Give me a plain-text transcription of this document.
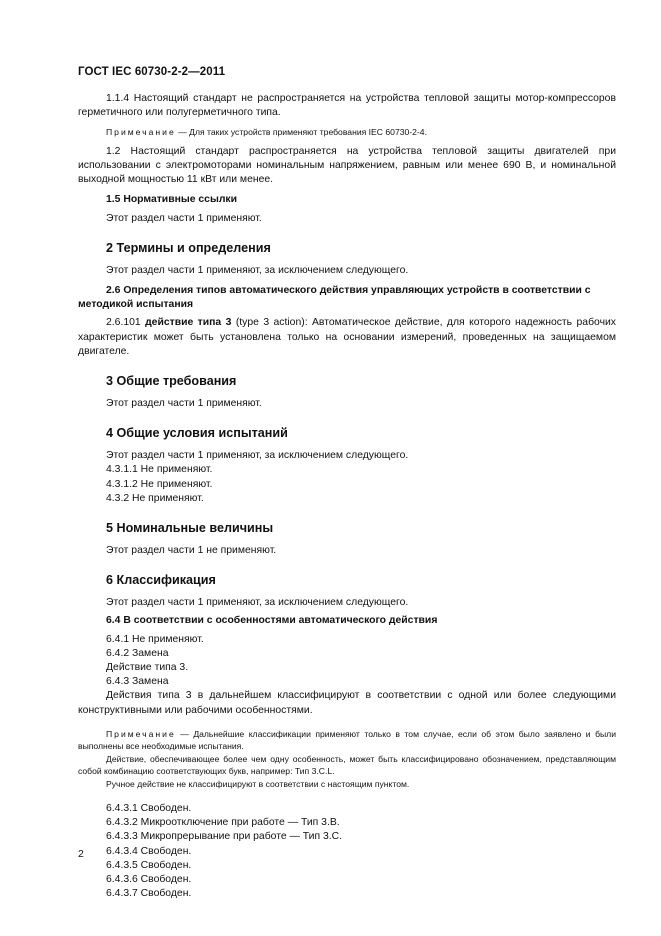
ГОСТ IEC 60730-2-2—2011

1.1.4 Настоящий стандарт не распространяется на устройства тепловой защиты мотор-компрессоров герметичного или полугерметичного типа.

Примечание — Для таких устройств применяют требования IEC 60730-2-4.

1.2 Настоящий стандарт распространяется на устройства тепловой защиты двигателей при использовании с электромоторами номинальным напряжением, равным или менее 690 В, и номинальной выходной мощностью 11 кВт или менее.

1.5 Нормативные ссылки

Этот раздел части 1 применяют.

2 Термины и определения

Этот раздел части 1 применяют, за исключением следующего.

2.6 Определения типов автоматического действия управляющих устройств в соответствии с методикой испытания

2.6.101 действие типа 3 (type 3 action): Автоматическое действие, для которого надежность рабочих характеристик может быть установлена только на основании измерений, проведенных на защищаемом двигателе.

3 Общие требования

Этот раздел части 1 применяют.

4 Общие условия испытаний

Этот раздел части 1 применяют, за исключением следующего.

4.3.1.1 Не применяют.

4.3.1.2 Не применяют.

4.3.2 Не применяют.

5 Номинальные величины

Этот раздел части 1 не применяют.

6 Классификация

Этот раздел части 1 применяют, за исключением следующего.

6.4 В соответствии с особенностями автоматического действия

6.4.1 Не применяют.

6.4.2 Замена

Действие типа 3.

6.4.3 Замена

Действия типа 3 в дальнейшем классифицируют в соответствии с одной или более следующими конструктивными или рабочими особенностями.

Примечание — Дальнейшие классификации применяют только в том случае, если об этом было заявлено и были выполнены все необходимые испытания.

Действие, обеспечивающее более чем одну особенность, может быть классифицировано обозначением, представляющим собой комбинацию соответствующих букв, например: Тип 3.C.L.

Ручное действие не классифицируют в соответствии с настоящим пунктом.

6.4.3.1 Свободен.

6.4.3.2 Микроотключение при работе — Тип 3.B.

6.4.3.3 Микропрерывание при работе — Тип 3.C.

6.4.3.4 Свободен.

6.4.3.5 Свободен.

6.4.3.6 Свободен.

6.4.3.7 Свободен.

2
